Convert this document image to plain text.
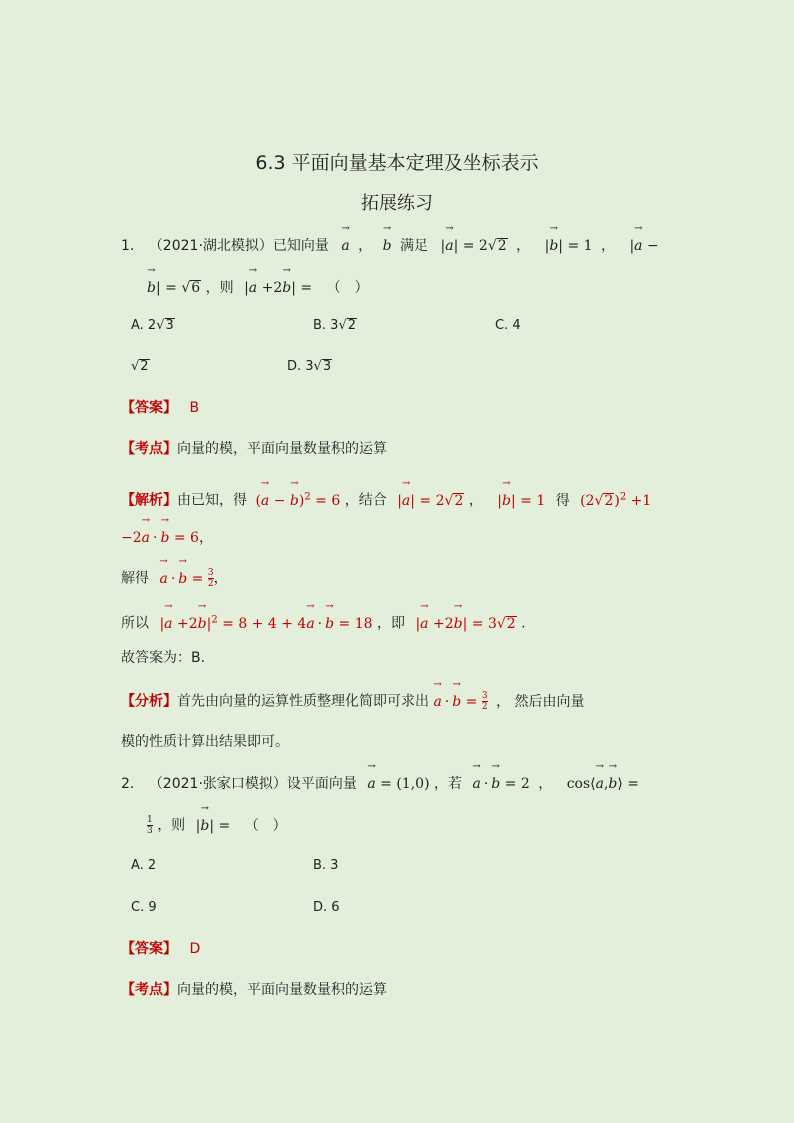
6.3 平面向量基本定理及坐标表示
拓展练习
1. （2021·湖北模拟）已知向量 → a ， → b 满足 |→ a| = 2√2 ， |→ b| = 1 ， |→ a −
→ b| = √6 ，则 |→ a +2→ b| = （　）
A. 2√3	B. 3√2	C. 4
√2	D. 3√3
【答案】 B
【考点】向量的模，平面向量数量积的运算
【解析】由已知，得 (→ a − → b)$^2$ = 6 ，结合 |→ a| = 2√2 ， |→ b| = 1 得 $(2√2)^2 +1$
−2→ a ·→ b = 6，
解得 → $a \cdot\to b = \frac{3}{2}$ ，
所以 |→ $a +2\to b|^2 = 8 + 4 + 4\to a \cdot\to b = 18$ ，即 |→ a +2→ b| = 3√2 .
故答案为：B.
【分析】首先由向量的运算性质整理化简即可求出 → $a \cdot\to b = \frac{3}{2}$ ， 然后由向量
模的性质计算出结果即可。
2. （2021·张家口模拟）设平面向量 → a = (1,0) ，若 → a ·→ b = 2 ， cos⟨→ a,→ b⟩ =
$\frac{1}{3}$ ，则 |→ b| = （　）
A. 2	B. 3
C. 9	D. 6
【答案】 D
【考点】向量的模，平面向量数量积的运算
